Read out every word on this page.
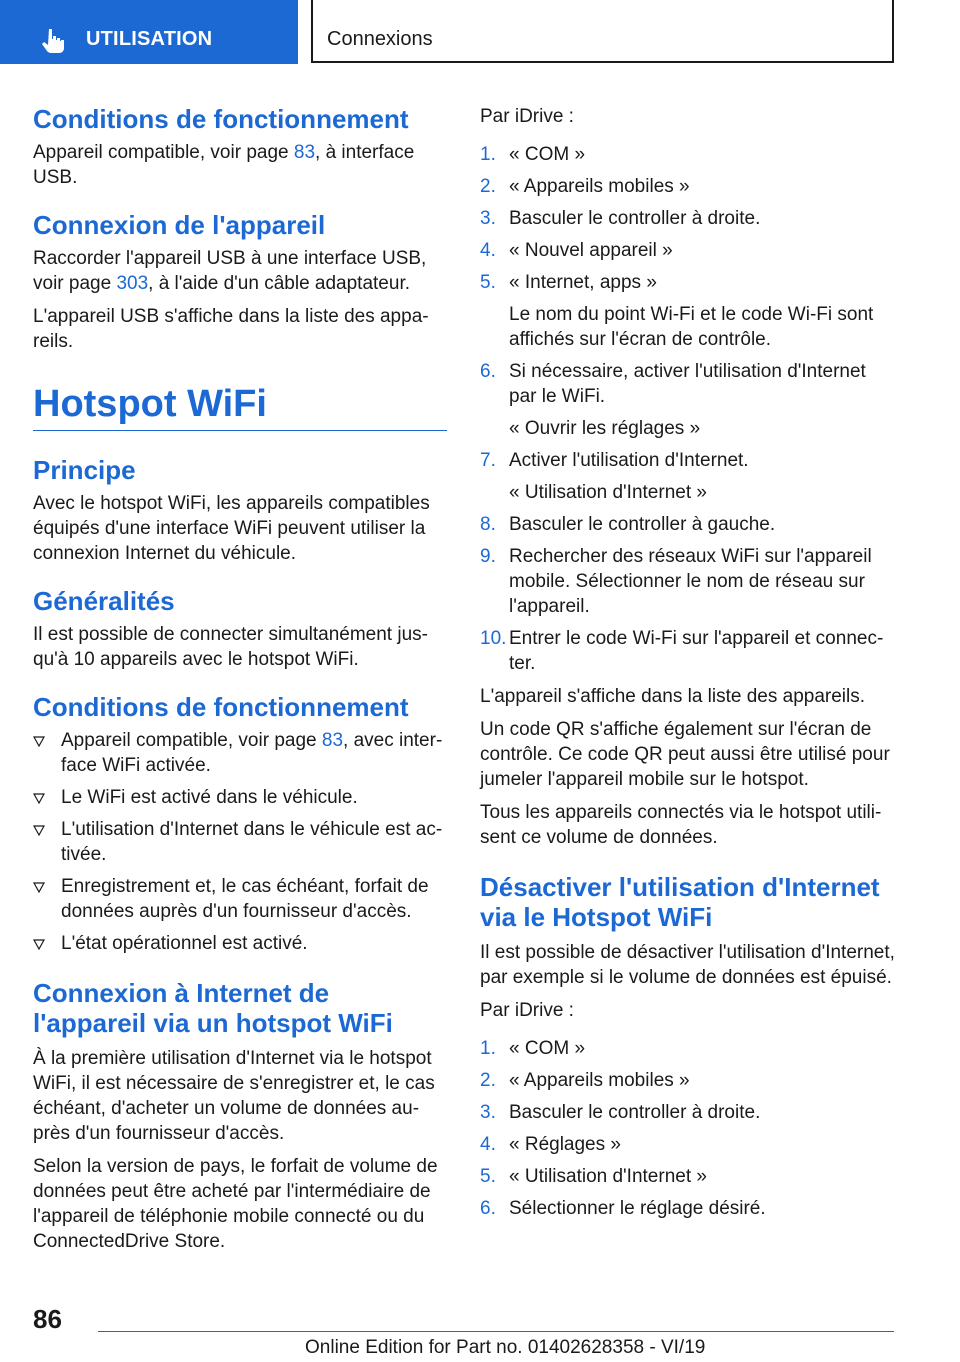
UTILISATION	Connexions
Conditions de fonctionnement

Appareil compatible, voir page 83, à interface USB.

Connexion de l'appareil

Raccorder l'appareil USB à une interface USB, voir page 303, à l'aide d'un câble adaptateur.

L'appareil USB s'affiche dans la liste des appareils.

Hotspot WiFi
Principe

Avec le hotspot WiFi, les appareils compatibles équipés d'une interface WiFi peuvent utiliser la connexion Internet du véhicule.

Généralités

Il est possible de connecter simultanément jusqu'à 10 appareils avec le hotspot WiFi.

Conditions de fonctionnement
Appareil compatible, voir page 83, avec interface WiFi activée.
Le WiFi est activé dans le véhicule.
L'utilisation d'Internet dans le véhicule est activée.
Enregistrement et, le cas échéant, forfait de données auprès d'un fournisseur d'accès.
L'état opérationnel est activé.
Connexion à Internet de l'appareil via un hotspot WiFi

À la première utilisation d'Internet via le hotspot WiFi, il est nécessaire de s'enregistrer et, le cas échéant, d'acheter un volume de données auprès d'un fournisseur d'accès.

Selon la version de pays, le forfait de volume de données peut être acheté par l'intermédiaire de l'appareil de téléphonie mobile connecté ou du ConnectedDrive Store.

Par iDrive :

1. « COM »
2. « Appareils mobiles »
3. Basculer le controller à droite.
4. « Nouvel appareil »
5. « Internet, apps »
Le nom du point Wi-Fi et le code Wi-Fi sont affichés sur l'écran de contrôle.
6. Si nécessaire, activer l'utilisation d'Internet par le WiFi.
« Ouvrir les réglages »
7. Activer l'utilisation d'Internet.
« Utilisation d'Internet »
8. Basculer le controller à gauche.
9. Rechercher des réseaux WiFi sur l'appareil mobile. Sélectionner le nom de réseau sur l'appareil.
10. Entrer le code Wi-Fi sur l'appareil et connecter.

L'appareil s'affiche dans la liste des appareils.

Un code QR s'affiche également sur l'écran de contrôle. Ce code QR peut aussi être utilisé pour jumeler l'appareil mobile sur le hotspot.

Tous les appareils connectés via le hotspot utilisent ce volume de données.

Désactiver l'utilisation d'Internet via le Hotspot WiFi

Il est possible de désactiver l'utilisation d'Internet, par exemple si le volume de données est épuisé.

Par iDrive :

1. « COM »
2. « Appareils mobiles »
3. Basculer le controller à droite.
4. « Réglages »
5. « Utilisation d'Internet »
6. Sélectionner le réglage désiré.
86
Online Edition for Part no. 01402628358 - VI/19
